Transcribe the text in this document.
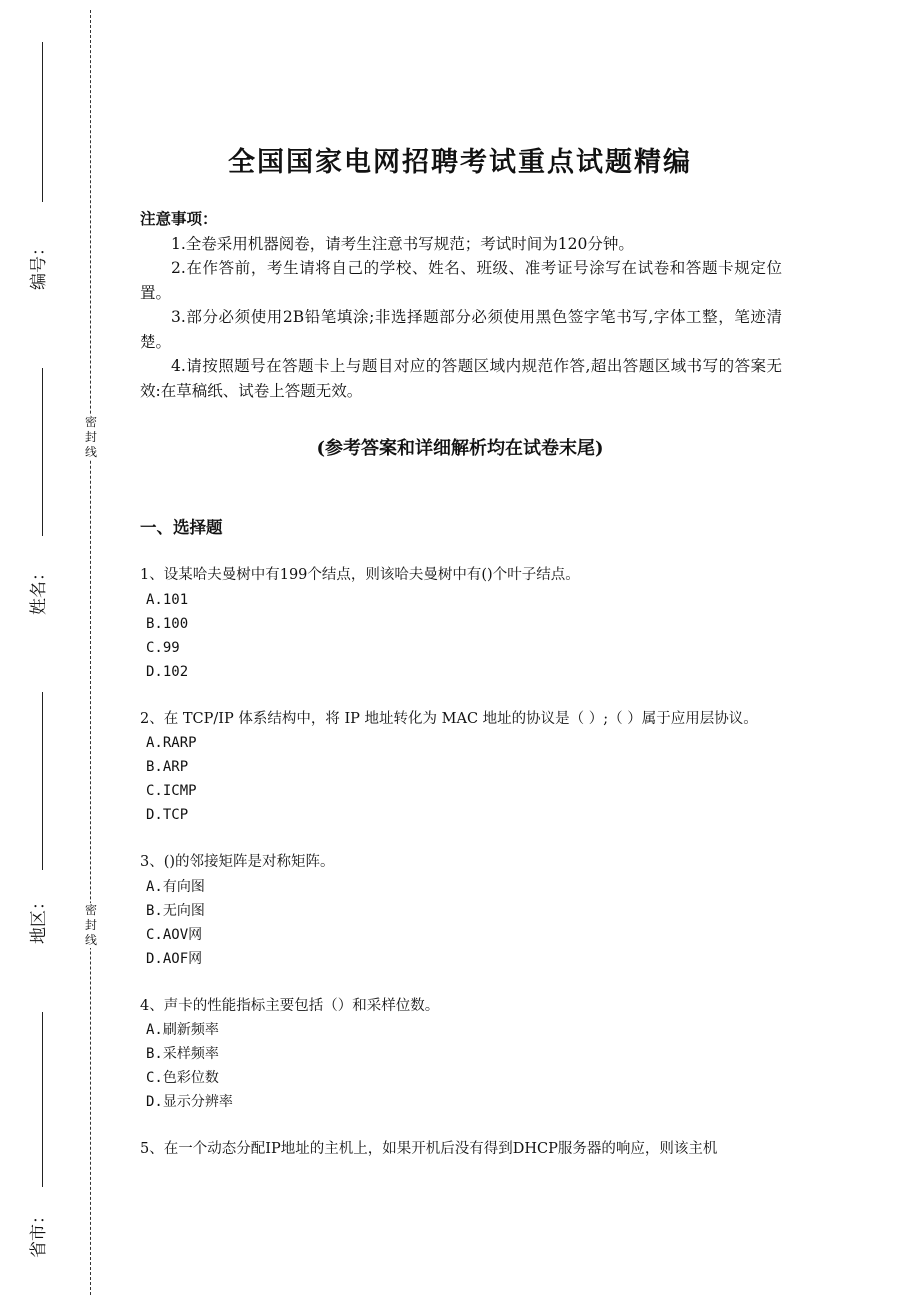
密
封
线
密
封
线
编号：
姓名：
地区：
省市：
全国国家电网招聘考试重点试题精编
注意事项：

1.全卷采用机器阅卷，请考生注意书写规范；考试时间为120分钟。

2.在作答前，考生请将自己的学校、姓名、班级、准考证号涂写在试卷和答题卡规定位置。

3.部分必须使用2B铅笔填涂;非选择题部分必须使用黑色签字笔书写,字体工整，笔迹清楚。

4.请按照题号在答题卡上与题目对应的答题区域内规范作答,超出答题区域书写的答案无效:在草稿纸、试卷上答题无效。

(参考答案和详细解析均在试卷末尾)
一、选择题
1、设某哈夫曼树中有199个结点，则该哈夫曼树中有()个叶子结点。
A.101
B.100
C.99
D.102
2、在 TCP/IP 体系结构中，将 IP 地址转化为 MAC 地址的协议是（ ）;（ ）属于应用层协议。
A.RARP
B.ARP
C.ICMP
D.TCP
3、()的邻接矩阵是对称矩阵。
A.有向图
B.无向图
C.AOV网
D.AOF网
4、声卡的性能指标主要包括（）和采样位数。
A.刷新频率
B.采样频率
C.色彩位数
D.显示分辨率
5、在一个动态分配IP地址的主机上，如果开机后没有得到DHCP服务器的响应，则该主机
